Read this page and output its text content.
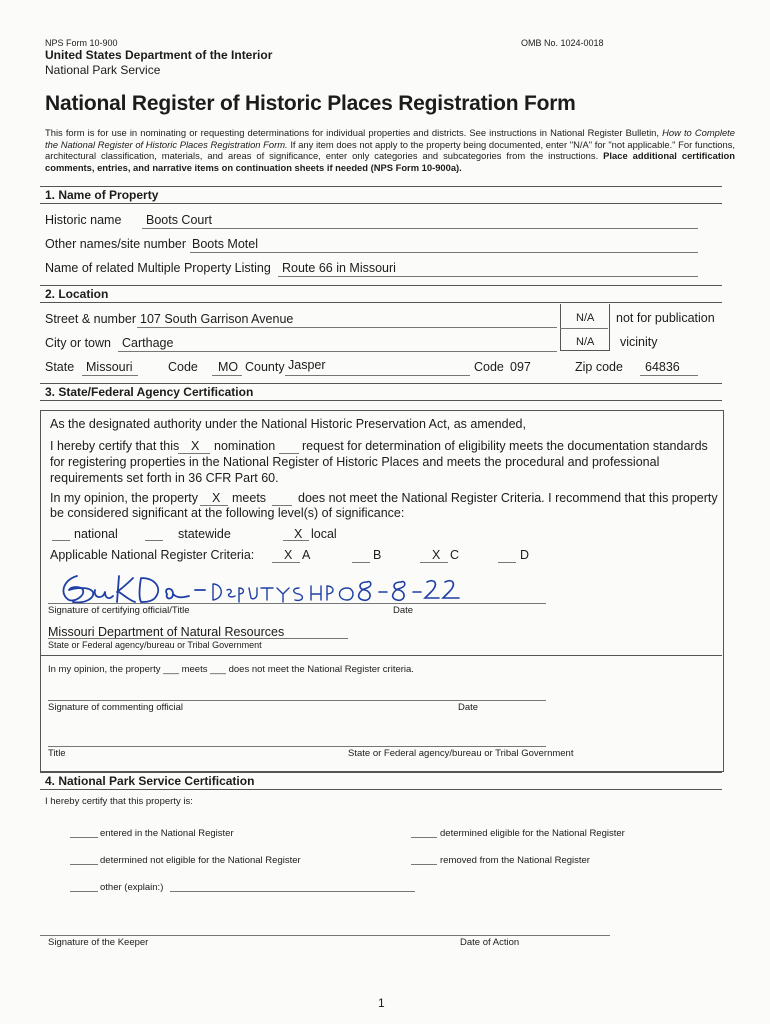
NPS Form 10-900	OMB No. 1024-0018
United States Department of the Interior
National Park Service
National Register of Historic Places Registration Form
This form is for use in nominating or requesting determinations for individual properties and districts. See instructions in National Register Bulletin, How to Complete the National Register of Historic Places Registration Form. If any item does not apply to the property being documented, enter "N/A" for "not applicable." For functions, architectural classification, materials, and areas of significance, enter only categories and subcategories from the instructions. Place additional certification comments, entries, and narrative items on continuation sheets if needed (NPS Form 10-900a).
1. Name of Property
Historic name Boots Court
Other names/site number Boots Motel
Name of related Multiple Property Listing Route 66 in Missouri
2. Location
Street & number 107 South Garrison Avenue	N/A not for publication
City or town Carthage	N/A vicinity
State Missouri	Code MO County Jasper	Code 097	Zip code 64836
3. State/Federal Agency Certification
As the designated authority under the National Historic Preservation Act, as amended,
I hereby certify that this X nomination request for determination of eligibility meets the documentation standards
for registering properties in the National Register of Historic Places and meets the procedural and professional
requirements set forth in 36 CFR Part 60.
In my opinion, the property X meets	does not meet the National Register Criteria. I recommend that this property
be considered significant at the following level(s) of significance:
national	statewide	X local
Applicable National Register Criteria: X A	B	X C	D
Signature of certifying official/Title	Date
Missouri Department of Natural Resources
State or Federal agency/bureau or Tribal Government
In my opinion, the property ___ meets ___ does not meet the National Register criteria.
Signature of commenting official	Date
Title	State or Federal agency/bureau or Tribal Government
4. National Park Service Certification
I hereby certify that this property is:
entered in the National Register	determined eligible for the National Register
determined not eligible for the National Register	removed from the National Register
other (explain:)
Signature of the Keeper	Date of Action
1
